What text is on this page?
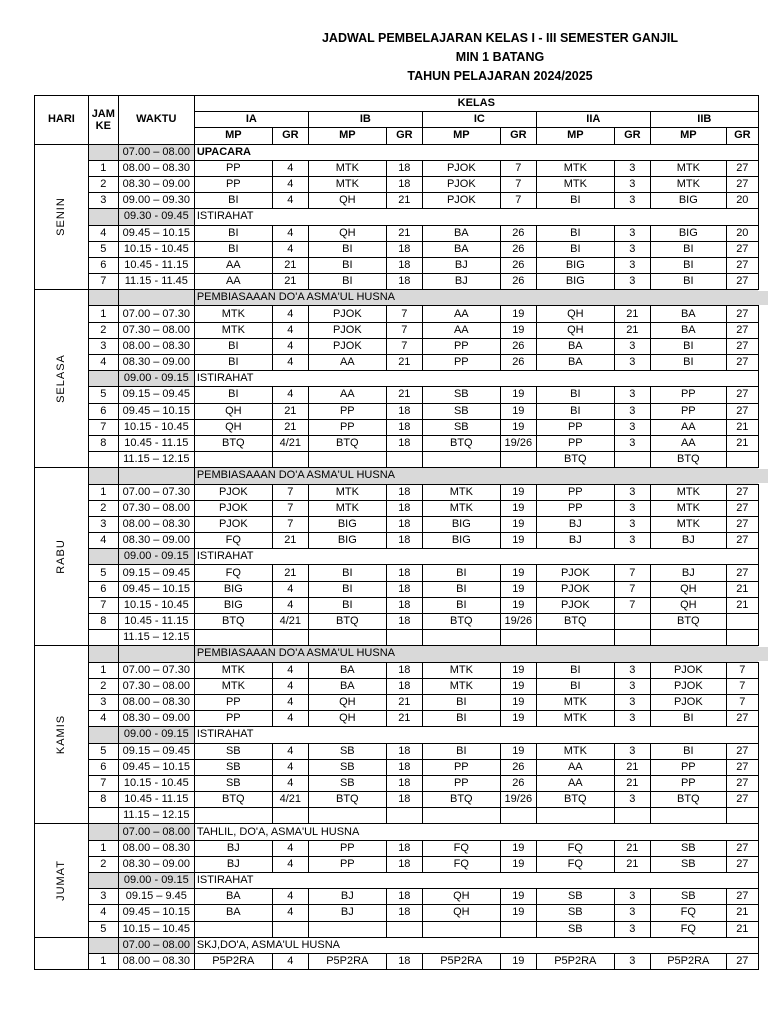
JADWAL PEMBELAJARAN KELAS I - III SEMESTER GANJIL
MIN 1 BATANG
TAHUN PELAJARAN 2024/2025
HARI	JAM KE	WAKTU	KELAS									
			IA		IB		IC		IIA		IIB	
			MP	GR	MP	GR	MP	GR	MP	GR	MP	GR
SENIN		07.00 – 08.00	UPACARA									
	1	08.00 – 08.30	PP	4	MTK	18	PJOK	7	MTK	3	MTK	27
	2	08.30 – 09.00	PP	4	MTK	18	PJOK	7	MTK	3	MTK	27
	3	09.00 – 09.30	BI	4	QH	21	PJOK	7	BI	3	BIG	20
		09.30 - 09.45	ISTIRAHAT									
	4	09.45 – 10.15	BI	4	QH	21	BA	26	BI	3	BIG	20
	5	10.15 - 10.45	BI	4	BI	18	BA	26	BI	3	BI	27
	6	10.45 - 11.15	AA	21	BI	18	BJ	26	BIG	3	BI	27
	7	11.15 - 11.45	AA	21	BI	18	BJ	26	BIG	3	BI	27
SELASA			PEMBIASAAAN DO'A ASMA'UL HUSNA									
	1	07.00 – 07.30	MTK	4	PJOK	7	AA	19	QH	21	BA	27
	2	07.30 – 08.00	MTK	4	PJOK	7	AA	19	QH	21	BA	27
	3	08.00 – 08.30	BI	4	PJOK	7	PP	26	BA	3	BI	27
	4	08.30 – 09.00	BI	4	AA	21	PP	26	BA	3	BI	27
		09.00 - 09.15	ISTIRAHAT									
	5	09.15 – 09.45	BI	4	AA	21	SB	19	BI	3	PP	27
	6	09.45 – 10.15	QH	21	PP	18	SB	19	BI	3	PP	27
	7	10.15 - 10.45	QH	21	PP	18	SB	19	PP	3	AA	21
	8	10.45 - 11.15	BTQ	4/21	BTQ	18	BTQ	19/26	PP	3	AA	21
		11.15 – 12.15							BTQ		BTQ	
RABU			PEMBIASAAAN DO'A ASMA'UL HUSNA									
	1	07.00 – 07.30	PJOK	7	MTK	18	MTK	19	PP	3	MTK	27
	2	07.30 – 08.00	PJOK	7	MTK	18	MTK	19	PP	3	MTK	27
	3	08.00 – 08.30	PJOK	7	BIG	18	BIG	19	BJ	3	MTK	27
	4	08.30 – 09.00	FQ	21	BIG	18	BIG	19	BJ	3	BJ	27
		09.00 - 09.15	ISTIRAHAT									
	5	09.15 – 09.45	FQ	21	BI	18	BI	19	PJOK	7	BJ	27
	6	09.45 – 10.15	BIG	4	BI	18	BI	19	PJOK	7	QH	21
	7	10.15 - 10.45	BIG	4	BI	18	BI	19	PJOK	7	QH	21
	8	10.45 - 11.15	BTQ	4/21	BTQ	18	BTQ	19/26	BTQ		BTQ	
		11.15 – 12.15										
KAMIS			PEMBIASAAAN DO'A ASMA'UL HUSNA									
	1	07.00 – 07.30	MTK	4	BA	18	MTK	19	BI	3	PJOK	7
	2	07.30 – 08.00	MTK	4	BA	18	MTK	19	BI	3	PJOK	7
	3	08.00 – 08.30	PP	4	QH	21	BI	19	MTK	3	PJOK	7
	4	08.30 – 09.00	PP	4	QH	21	BI	19	MTK	3	BI	27
		09.00 - 09.15	ISTIRAHAT									
	5	09.15 – 09.45	SB	4	SB	18	BI	19	MTK	3	BI	27
	6	09.45 – 10.15	SB	4	SB	18	PP	26	AA	21	PP	27
	7	10.15 - 10.45	SB	4	SB	18	PP	26	AA	21	PP	27
	8	10.45 - 11.15	BTQ	4/21	BTQ	18	BTQ	19/26	BTQ	3	BTQ	27
		11.15 – 12.15										
JUMAT		07.00 – 08.00	TAHLIL, DO'A, ASMA'UL HUSNA									
	1	08.00 – 08.30	BJ	4	PP	18	FQ	19	FQ	21	SB	27
	2	08.30 – 09.00	BJ	4	PP	18	FQ	19	FQ	21	SB	27
		09.00 - 09.15	ISTIRAHAT									
	3	09.15 – 9.45	BA	4	BJ	18	QH	19	SB	3	SB	27
	4	09.45 – 10.15	BA	4	BJ	18	QH	19	SB	3	FQ	21
	5	10.15 – 10.45							SB	3	FQ	21
		07.00 – 08.00	SKJ,DO'A, ASMA'UL HUSNA									
	1	08.00 – 08.30	P5P2RA	4	P5P2RA	18	P5P2RA	19	P5P2RA	3	P5P2RA	27
